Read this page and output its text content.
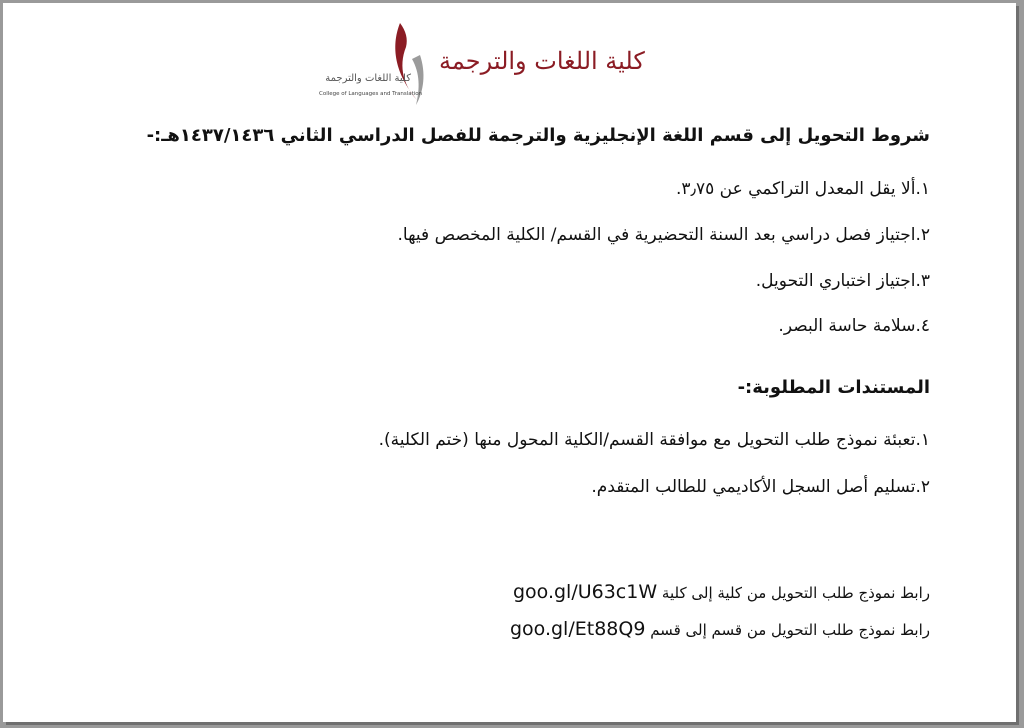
كلية اللغات والترجمة
College of Languages and Translation
كلية اللغات والترجمة
شروط التحويل إلى قسم اللغة الإنجليزية والترجمة للفصل الدراسي الثاني ١٤٣٧/١٤٣٦هـ:-
١.ألا يقل المعدل التراكمي عن ٣٫٧٥.
٢.اجتياز فصل دراسي بعد السنة التحضيرية في القسم/ الكلية المخصص فيها.
٣.اجتياز اختباري التحويل.
٤.سلامة حاسة البصر.
المستندات المطلوبة:-
١.تعبئة نموذج طلب التحويل مع موافقة القسم/الكلية المحول منها (ختم الكلية).
٢.تسليم أصل السجل الأكاديمي للطالب المتقدم.
رابط نموذج طلب التحويل من كلية إلى كلية goo.gl/U63c1W
رابط نموذج طلب التحويل من قسم إلى قسم goo.gl/Et88Q9
